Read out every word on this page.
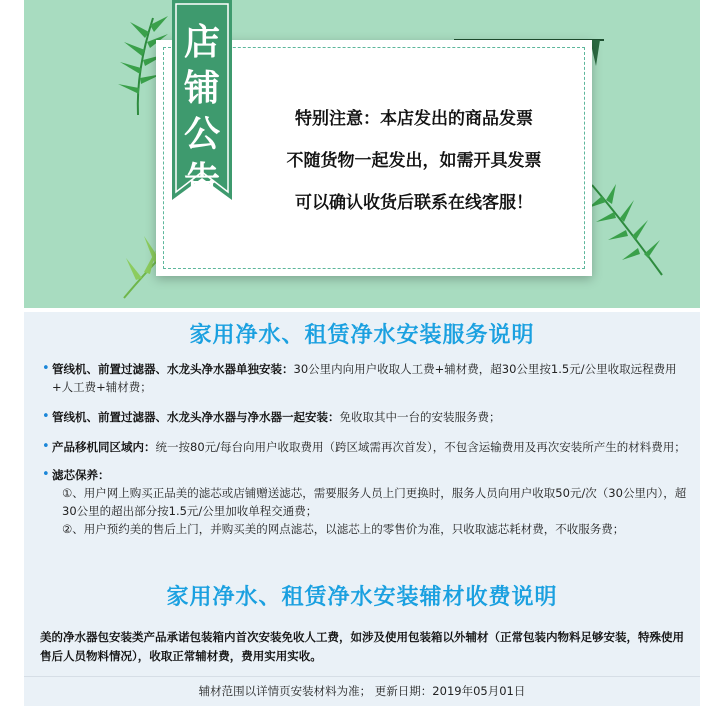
店
铺
公
告
特别注意：本店发出的商品发票
不随货物一起发出，如需开具发票
可以确认收货后联系在线客服！
家用净水、租赁净水安装服务说明
• 管线机、前置过滤器、水龙头净水器单独安装：30公里内向用户收取人工费+辅材费，超30公里按1.5元/公里收取远程费用+人工费+辅材费；
• 管线机、前置过滤器、水龙头净水器与净水器一起安装：免收取其中一台的安装服务费；
• 产品移机同区域内：统一按80元/每台向用户收取费用（跨区域需再次首发），不包含运输费用及再次安装所产生的材料费用；
• 滤芯保养：
①、用户网上购买正品美的滤芯或店铺赠送滤芯，需要服务人员上门更换时，服务人员向用户收取50元/次（30公里内），超30公里的超出部分按1.5元/公里加收单程交通费；
②、用户预约美的售后上门，并购买美的网点滤芯，以滤芯上的零售价为准，只收取滤芯耗材费，不收服务费；
家用净水、租赁净水安装辅材收费说明
美的净水器包安装类产品承诺包装箱内首次安装免收人工费，如涉及使用包装箱以外辅材（正常包装内物料足够安装，特殊使用售后人员物料情况），收取正常辅材费，费用实用实收。
辅材范围以详情页安装材料为准； 更新日期：2019年05月01日
